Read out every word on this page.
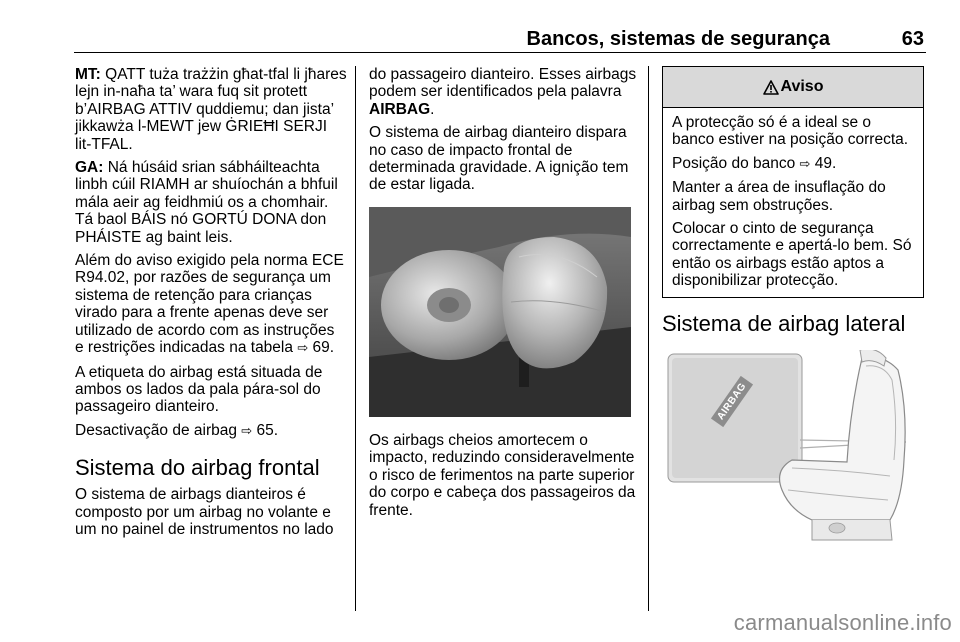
Bancos, sistemas de segurança	63

MT: QATT tuża trażżin għat-tfal li jħares lejn in-naħa ta’ wara fuq sit protett b’AIRBAG ATTIV quddiemu; dan jista’ jikkawża l-MEWT jew ĠRIEĦI SERJI lit-TFAL.

GA: Ná húsáid srian sábháilteachta linbh cúil RIAMH ar shuíochán a bhfuil mála aeir ag feidhmiú os a chomhair. Tá baol BÁIS nó GORTÚ DONA don PHÁISTE ag baint leis.

Além do aviso exigido pela norma ECE R94.02, por razões de segurança um sistema de retenção para crianças virado para a frente apenas deve ser utilizado de acordo com as instruções e restrições indicadas na tabela ⇨ 69.

A etiqueta do airbag está situada de ambos os lados da pala pára-sol do passageiro dianteiro.

Desactivação de airbag ⇨ 65.

Sistema do airbag frontal

O sistema de airbags dianteiros é composto por um airbag no volante e um no painel de instrumentos no lado

do passageiro dianteiro. Esses airbags podem ser identificados pela palavra AIRBAG.

O sistema de airbag dianteiro dispara no caso de impacto frontal de determinada gravidade. A ignição tem de estar ligada.

Os airbags cheios amortecem o impacto, reduzindo consideravelmente o risco de ferimentos na parte superior do corpo e cabeça dos passageiros da frente.

Aviso

A protecção só é a ideal se o banco estiver na posição correcta.

Posição do banco ⇨ 49.

Manter a área de insuflação do airbag sem obstruções.

Colocar o cinto de segurança correctamente e apertá-lo bem. Só então os airbags estão aptos a disponibilizar protecção.

Sistema de airbag lateral
AIRBAG
carmanualsonline.info
